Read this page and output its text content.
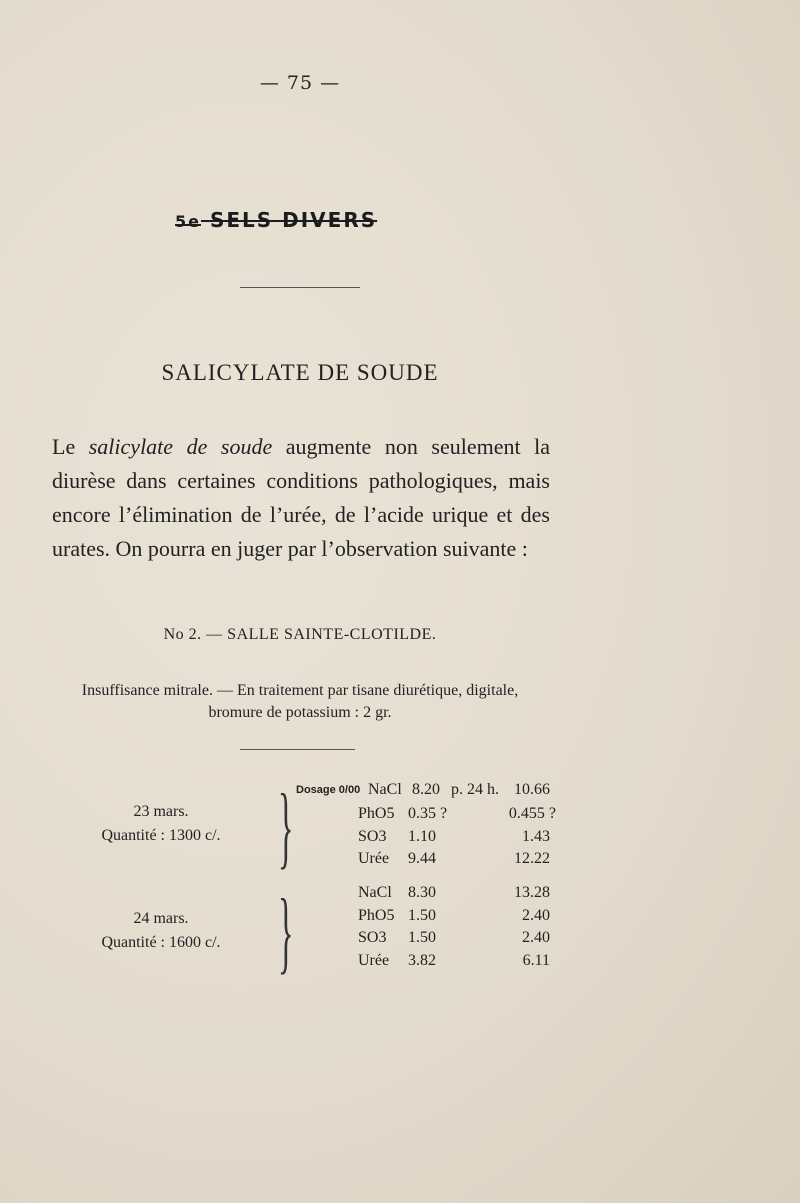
— 75 —
5e SELS DIVERS
SALICYLATE DE SOUDE
Le salicylate de soude augmente non seulement la diurèse dans certaines conditions pathologiques, mais encore l’élimination de l’urée, de l’acide urique et des urates. On pourra en juger par l’observation suivante :
No 2. — SALLE SAINTE-CLOTILDE.
Insuffisance mitrale. — En traitement par tisane diurétique, digitale,
bromure de potassium : 2 gr.
23 mars.
Quantité : 1300 c/. } Dosage 0/00 NaCl 8.20 p. 24 h. 10.66
PhO5 0.35 ?	0.455 ?
SO3 1.10	1.43
Urée 9.44	12.22
24 mars.
Quantité : 1600 c/. }	NaCl 8.30	13.28
PhO5 1.50	2.40
SO3 1.50	2.40
Urée 3.82	6.11
